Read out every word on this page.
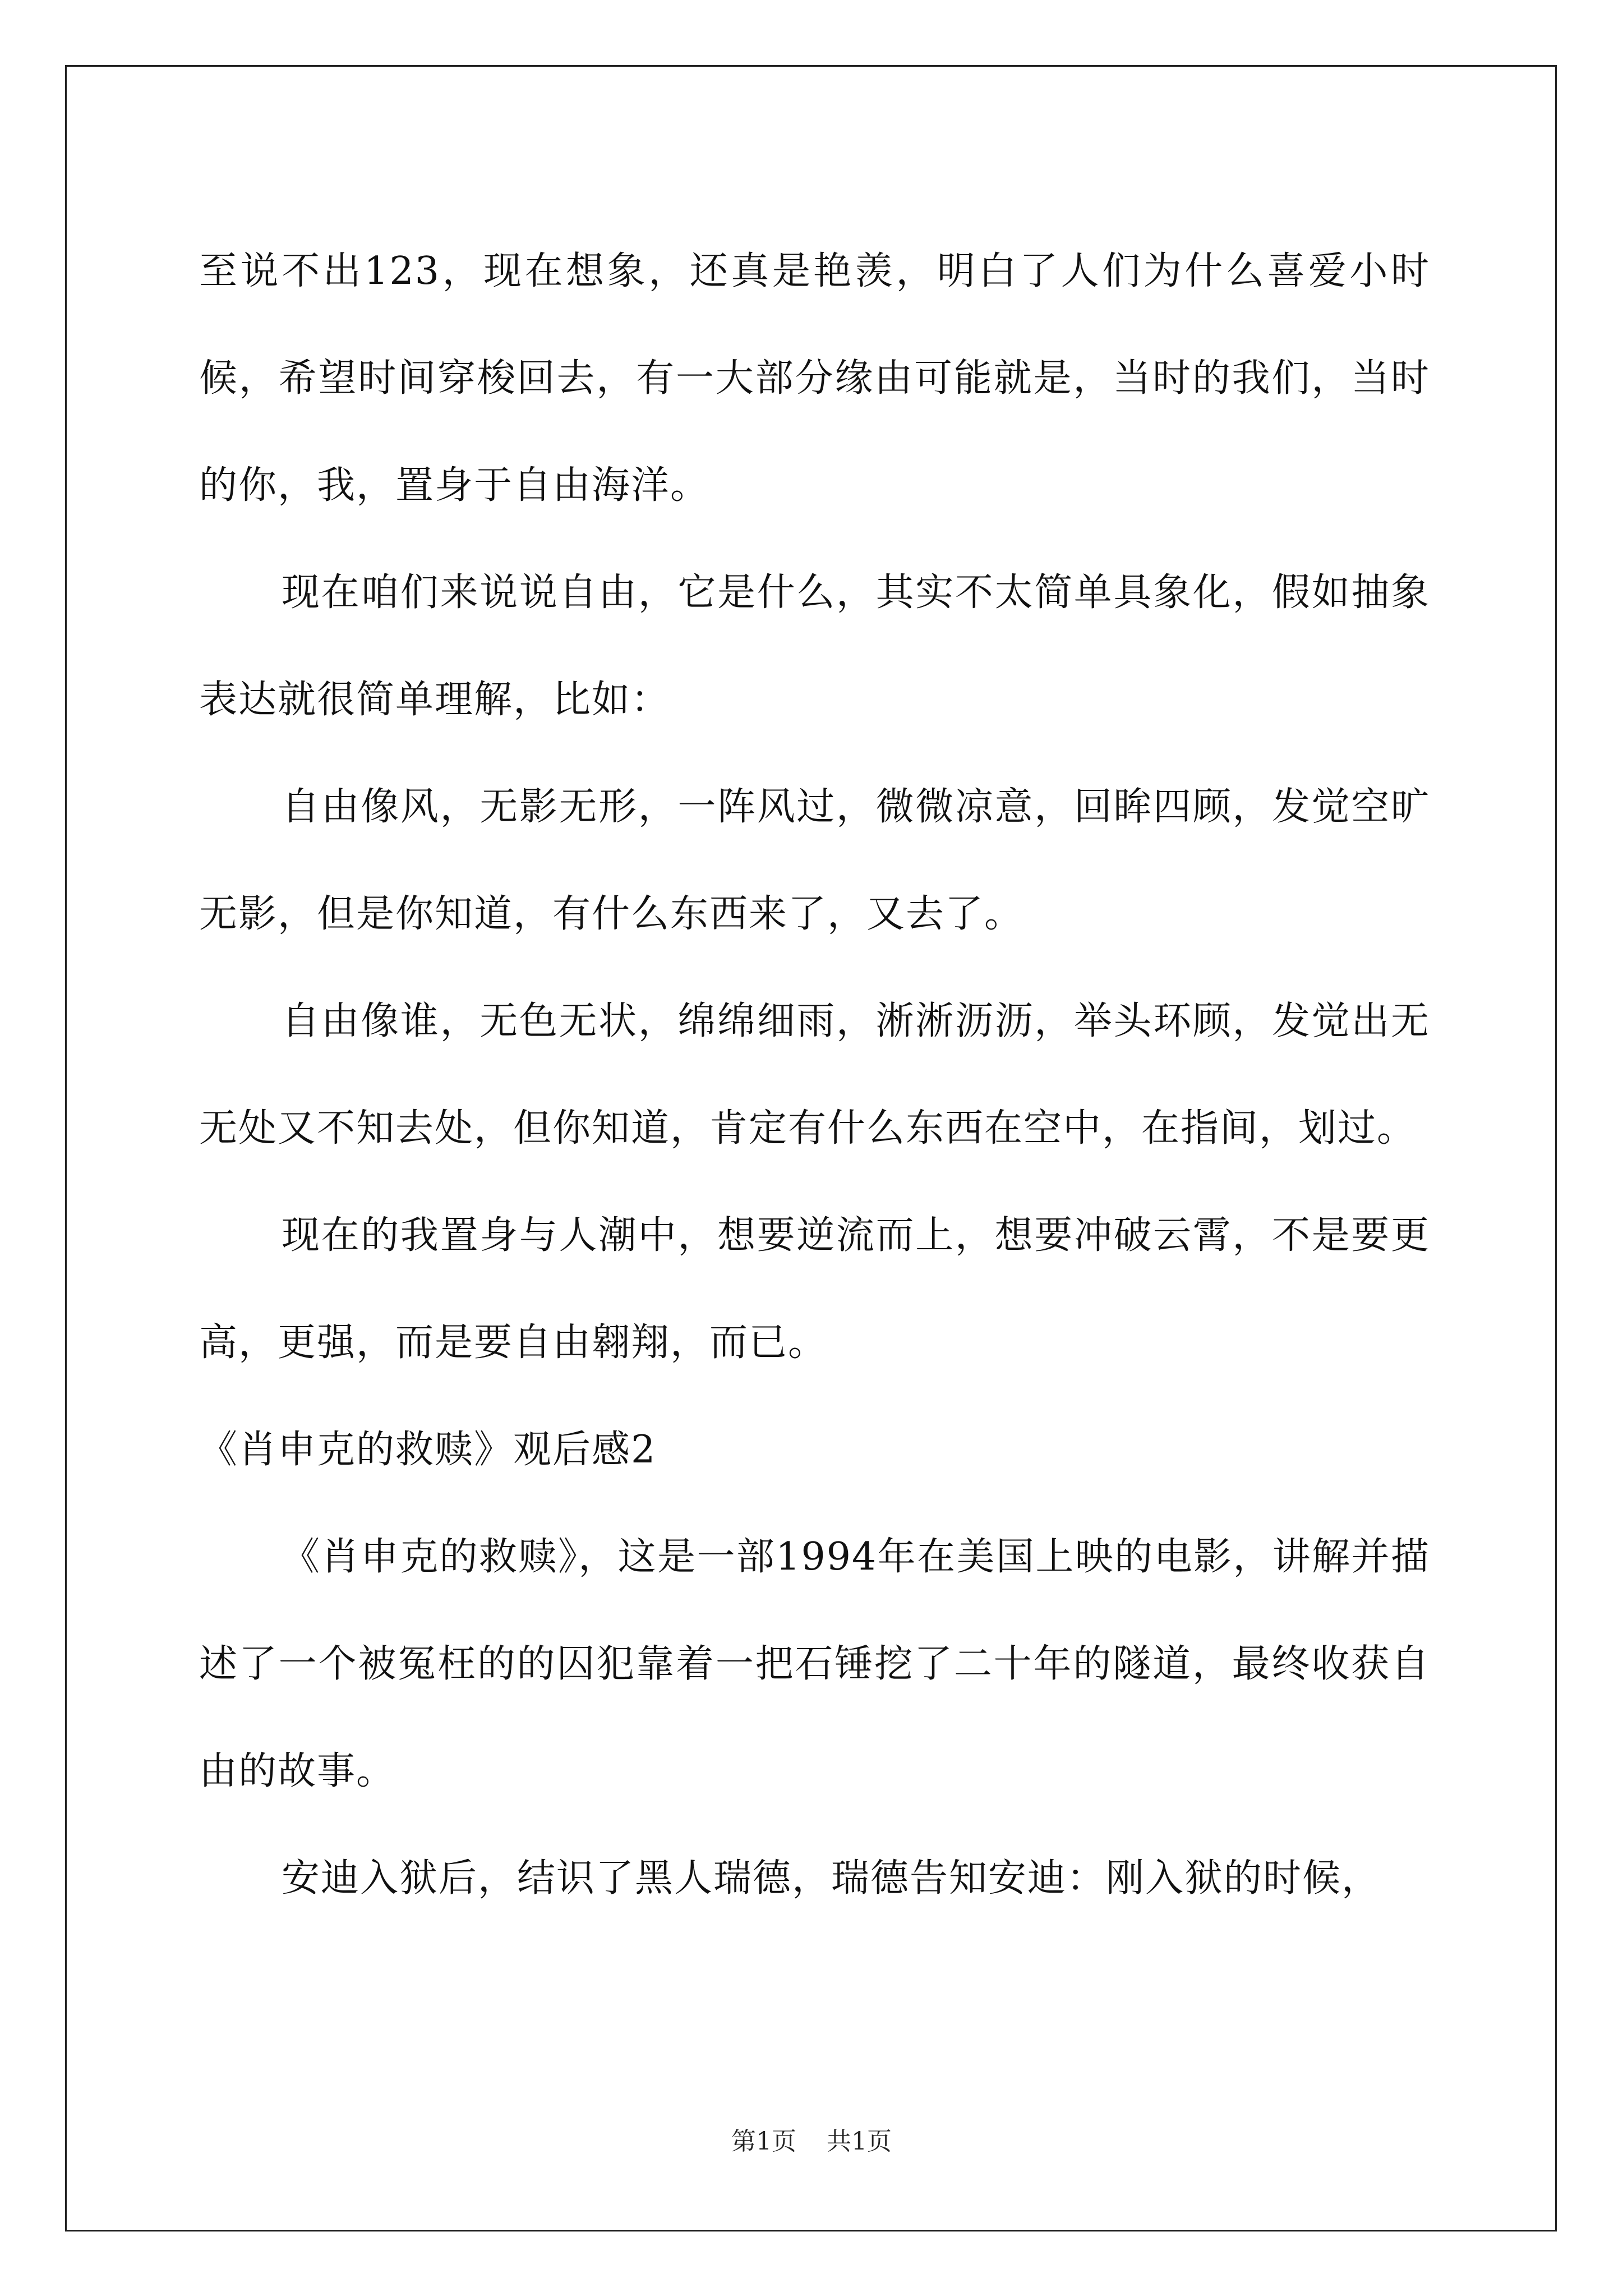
至说不出123，现在想象，还真是艳羡，明白了人们为什么喜爱小时候，希望时间穿梭回去，有一大部分缘由可能就是，当时的我们，当时的你，我，置身于自由海洋。

现在咱们来说说自由，它是什么，其实不太简单具象化，假如抽象表达就很简单理解，比如：

自由像风，无影无形，一阵风过，微微凉意，回眸四顾，发觉空旷无影，但是你知道，有什么东西来了，又去了。

自由像谁，无色无状，绵绵细雨，淅淅沥沥，举头环顾，发觉出无无处又不知去处，但你知道，肯定有什么东西在空中，在指间，划过。

现在的我置身与人潮中，想要逆流而上，想要冲破云霄，不是要更高，更强，而是要自由翱翔，而已。

《肖申克的救赎》观后感2

《肖申克的救赎》，这是一部1994年在美国上映的电影，讲解并描述了一个被冤枉的的囚犯靠着一把石锤挖了二十年的隧道，最终收获自由的故事。

安迪入狱后，结识了黑人瑞德，瑞德告知安迪：刚入狱的时候，

第1页 共1页
